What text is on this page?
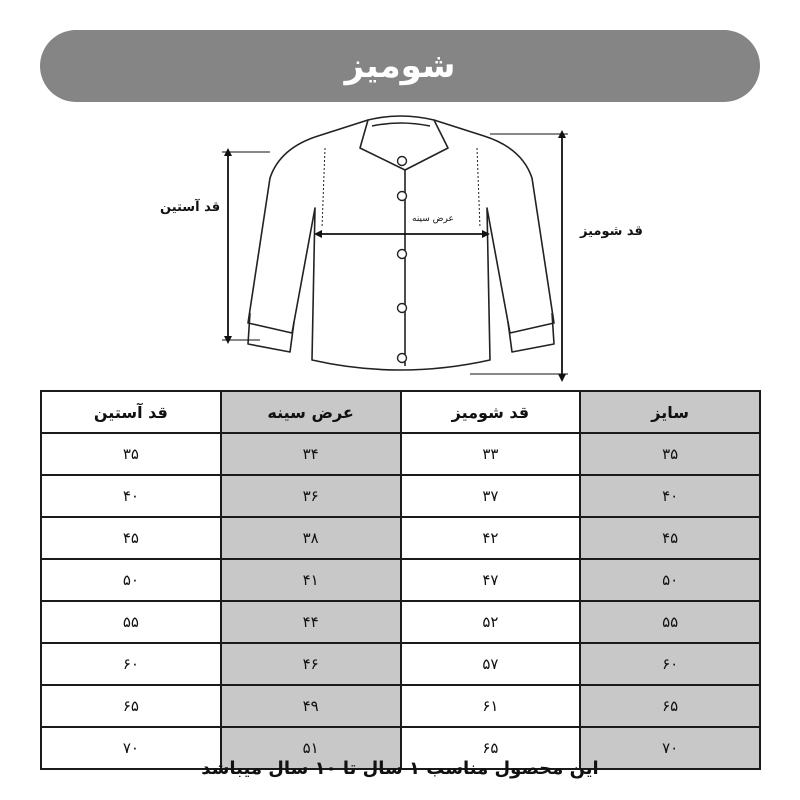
شومیز
قد آستین
قد شومیز
عرض سینه
سایز	قد شومیز	عرض سینه	قد آستین
۳۵	۳۳	۳۴	۳۵
۴۰	۳۷	۳۶	۴۰
۴۵	۴۲	۳۸	۴۵
۵۰	۴۷	۴۱	۵۰
۵۵	۵۲	۴۴	۵۵
۶۰	۵۷	۴۶	۶۰
۶۵	۶۱	۴۹	۶۵
۷۰	۶۵	۵۱	۷۰
این محصول مناسب ۱ سال تا ۱۰ سال میباشد
